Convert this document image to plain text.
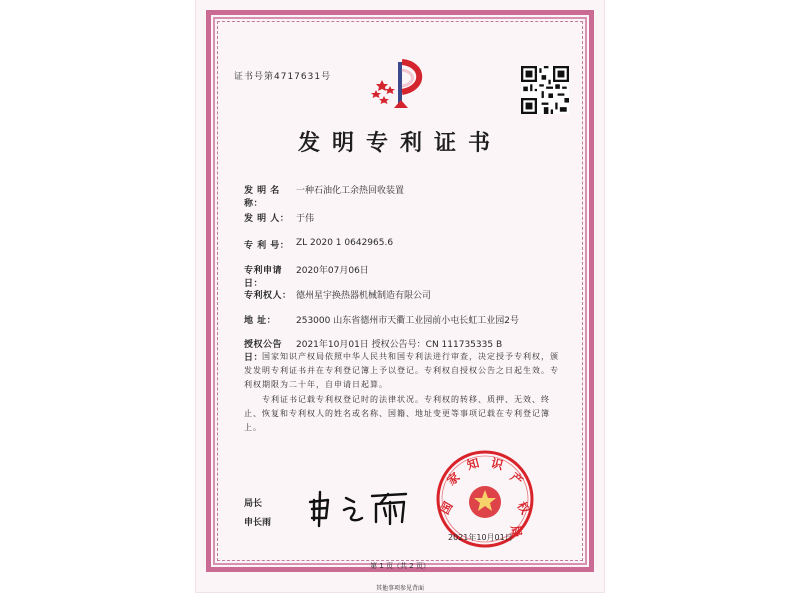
证书号第4717631号
发明专利证书
发 明 名 称：
一种石油化工余热回收装置
发 明 人： 于伟
专 利 号： ZL 2020 1 0642965.6
专利申请日：
2020年07月06日
专利权人： 德州星宇换热器机械制造有限公司
地 址：	253000 山东省德州市天衢工业园前小屯长虹工业园2号
授权公告日：
2021年10月01日 授权公告号：CN 111735335 B
国家知识产权局依照中华人民共和国专利法进行审查，决定授予专利权，颁发发明专利证书并在专利登记簿上予以登记。专利权自授权公告之日起生效。专利权期限为二十年，自申请日起算。
专利证书记载专利权登记时的法律状况。专利权的转移、质押、无效、终止、恢复和专利权人的姓名或名称、国籍、地址变更等事项记载在专利登记簿上。
局长
申长雨
国
家
知 识
产
权
局
2021年10月01日
第 1 页（共 2 页）
其他事项参见背面
